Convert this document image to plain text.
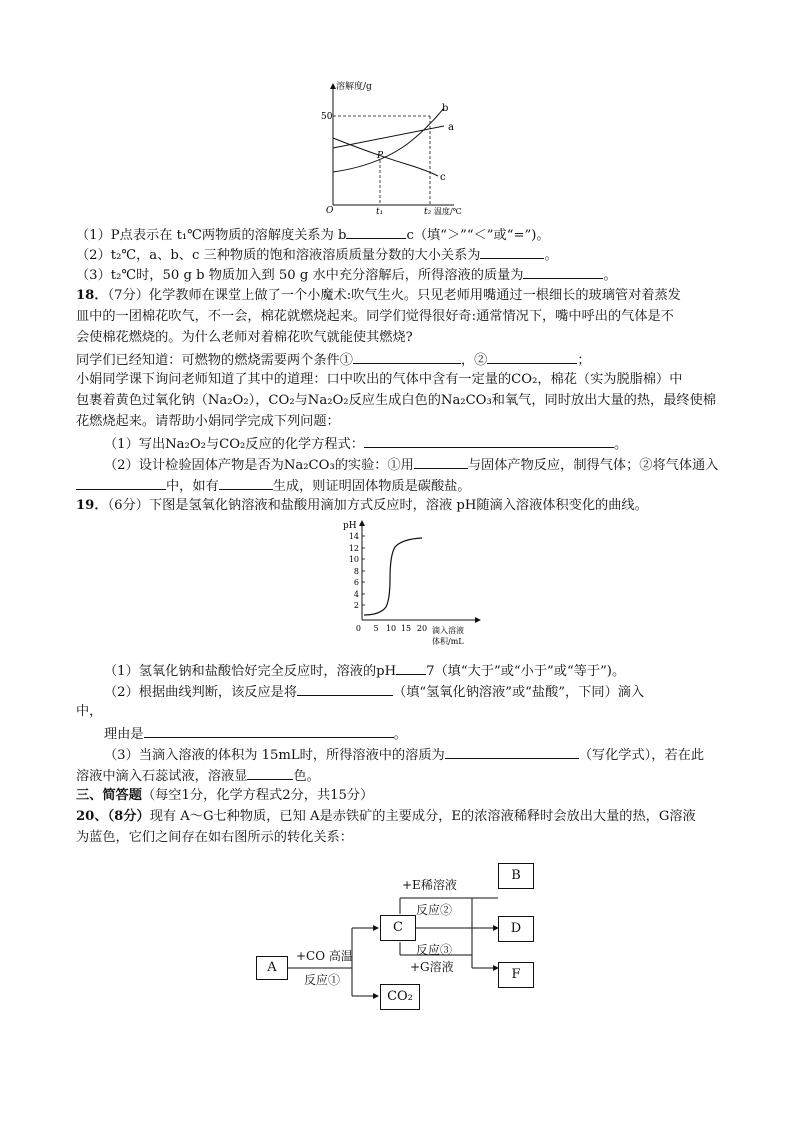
溶解度/g
50
O
a
b
c
P
t₁	t₂ 温度/℃
（1）P点表示在 t₁℃两物质的溶解度关系为 b	c（填“＞”“＜”或“=”)。
（2）t₂℃，a、b、c 三种物质的饱和溶液溶质质量分数的大小关系为	。
（3）t₂℃时，50 g b 物质加入到 50 g 水中充分溶解后，所得溶液的质量为	。
18．（7分）化学教师在课堂上做了一个小魔术:吹气生火。只见老师用嘴通过一根细长的玻璃管对着蒸发
皿中的一团棉花吹气，不一会，棉花就燃烧起来。同学们觉得很好奇:通常情况下，嘴中呼出的气体是不
会使棉花燃烧的。为什么老师对着棉花吹气就能使其燃烧?
同学们已经知道：可燃物的燃烧需要两个条件①	，②	；
小娟同学课下询问老师知道了其中的道理：口中吹出的气体中含有一定量的CO₂，棉花（实为脱脂棉）中
包裹着黄色过氧化钠（Na₂O₂），CO₂与Na₂O₂反应生成白色的Na₂CO₃和氧气，同时放出大量的热，最终使棉
花燃烧起来。请帮助小娟同学完成下列问题：
（1）写出Na₂O₂与CO₂反应的化学方程式：	。
（2）设计检验固体产物是否为Na₂CO₃的实验：①用	与固体产物反应，制得气体；②将气体通入
中，如有	生成，则证明固体物质是碳酸盐。
19．（6分）下图是氢氧化钠溶液和盐酸用滴加方式反应时，溶液 pH随滴入溶液体积变化的曲线。
pH
14
12
10
8
6
4
2
0 5 10 15 20 滴入溶液
体积/mL
（1）氢氧化钠和盐酸恰好完全反应时，溶液的pH 7（填“大于”或“小于”或“等于”)。
（2）根据曲线判断，该反应是将	（填“氢氧化钠溶液”或“盐酸”，下同）滴入
中，
理由是	。
（3）当滴入溶液的体积为 15mL时，所得溶液中的溶质为	（写化学式），若在此
溶液中滴入石蕊试液，溶液显	色。
三、简答题（每空1分，化学方程式2分，共15分）
20、（8分）现有 A～G七种物质，已知 A是赤铁矿的主要成分，E的浓溶液稀释时会放出大量的热，G溶液
为蓝色，它们之间存在如右图所示的转化关系：
A
C
CO₂
B
D
F
+CO 高温
反应①
+E稀溶液
反应②
反应③
+G溶液
